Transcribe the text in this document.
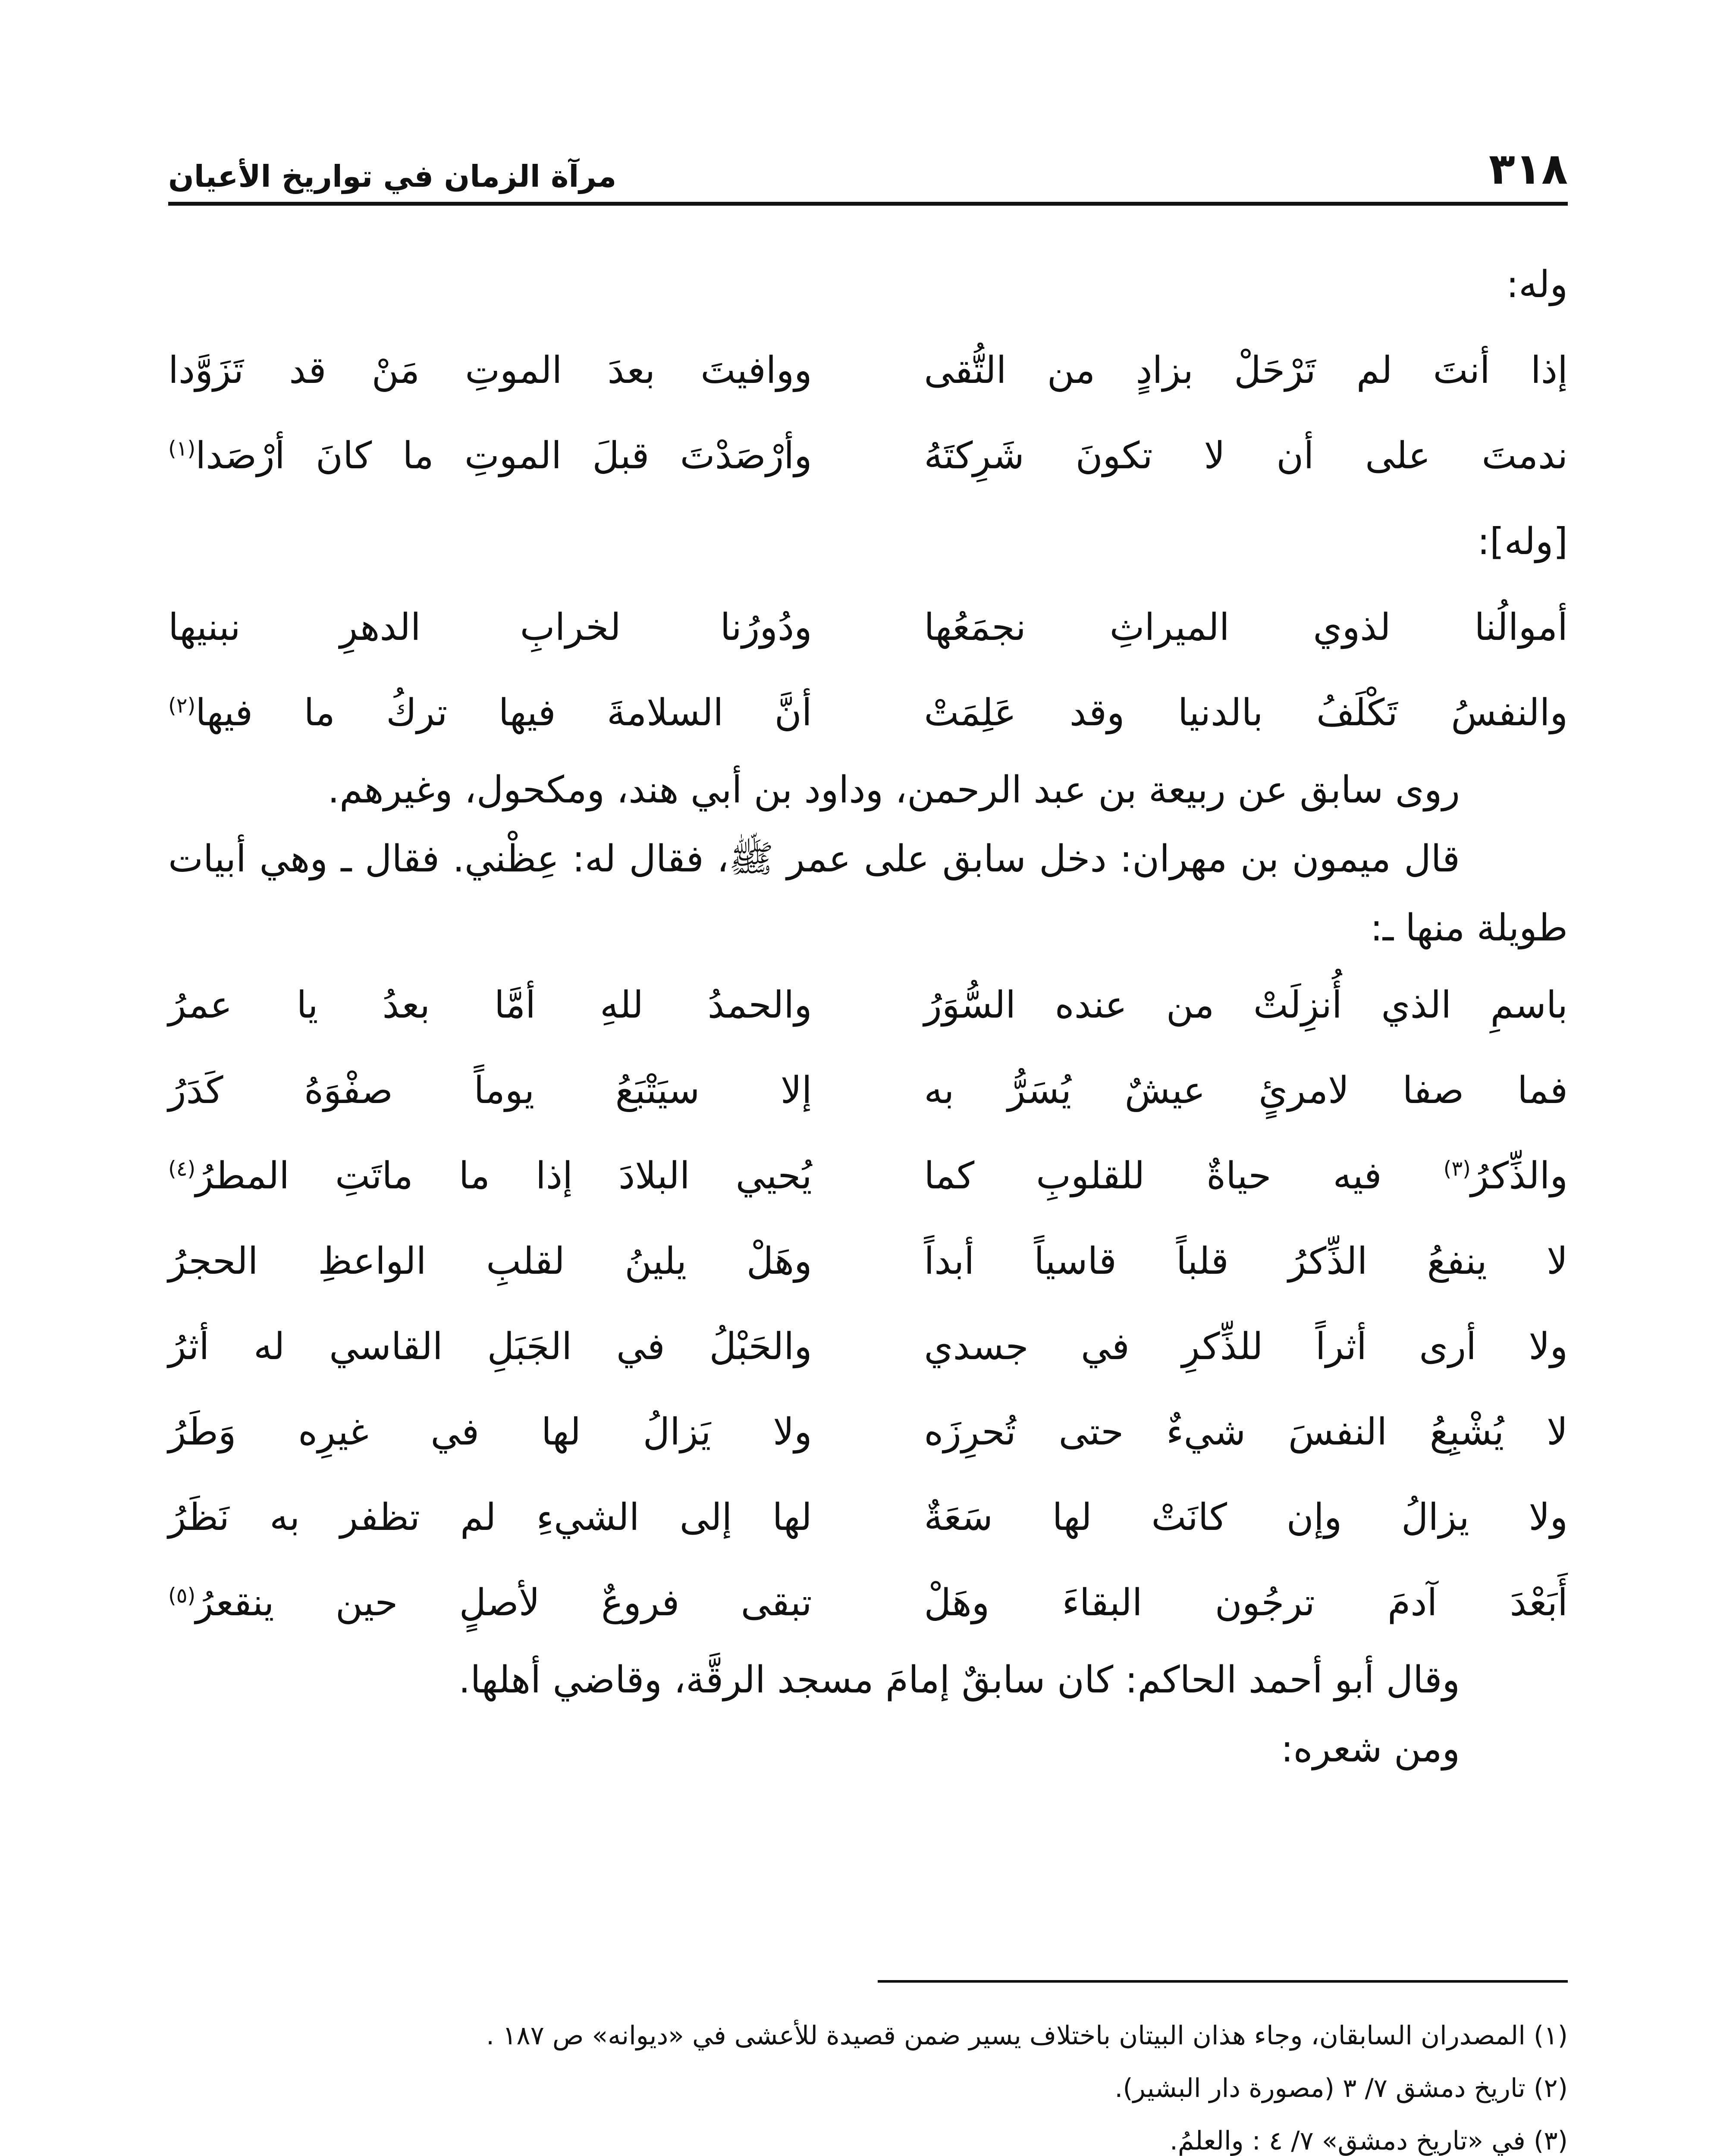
٣١٨
مرآة الزمان في تواريخ الأعيان
وله:
إذا أنتَ لم تَرْحَلْ بزادٍ من التُّقى
ووافيتَ بعدَ الموتِ مَنْ قد تَزَوَّدا
ندمتَ على أن لا تكونَ شَرِكتَهُ
وأرْصَدْتَ قبلَ الموتِ ما كانَ أرْصَدا$^{(١)}$
[وله]:
أموالُنا لذوي الميراثِ نجمَعُها
ودُورُنا لخرابِ الدهرِ نبنيها
والنفسُ تَكْلَفُ بالدنيا وقد عَلِمَتْ
أنَّ السلامةَ فيها تركُ ما فيها$^{(٢)}$

روى سابق عن ربيعة بن عبد الرحمن، وداود بن أبي هند، ومكحول، وغيرهم.

قال ميمون بن مهران: دخل سابق على عمر ﷺ، فقال له: عِظْني. فقال ـ وهي أبيات طويلة منها ـ:

باسمِ الذي أُنزِلَتْ من عنده السُّوَرُ
والحمدُ للهِ أمَّا بعدُ يا عمرُ
فما صفا لامرئٍ عيشٌ يُسَرُّ به
إلا سيَتْبَعُ يوماً صفْوَهُ كَدَرُ
والذِّكرُ$^{(٣)}$ فيه حياةٌ للقلوبِ كما
يُحيي البلادَ إذا ما ماتَتِ المطرُ$^{(٤)}$
لا ينفعُ الذِّكرُ قلباً قاسياً أبداً
وهَلْ يلينُ لقلبِ الواعظِ الحجرُ
ولا أرى أثراً للذِّكرِ في جسدي
والحَبْلُ في الجَبَلِ القاسي له أثرُ
لا يُشْبِعُ النفسَ شيءٌ حتى تُحرِزَه
ولا يَزالُ لها في غيرِه وَطَرُ
ولا يزالُ وإن كانَتْ لها سَعَةٌ
لها إلى الشيءِ لم تظفر به نَظَرُ
أَبَعْدَ آدمَ ترجُون البقاءَ وهَلْ
تبقى فروعٌ لأصلٍ حين ينقعرُ$^{(٥)}$

وقال أبو أحمد الحاكم: كان سابقٌ إمامَ مسجد الرقَّة، وقاضي أهلها.

ومن شعره:

(١) المصدران السابقان، وجاء هذان البيتان باختلاف يسير ضمن قصيدة للأعشى في «ديوانه» ص ١٨٧ .

(٢) تاريخ دمشق ٧/ ٣ (مصورة دار البشير).

(٣) في «تاريخ دمشق» ٧/ ٤ : والعلمُ.
